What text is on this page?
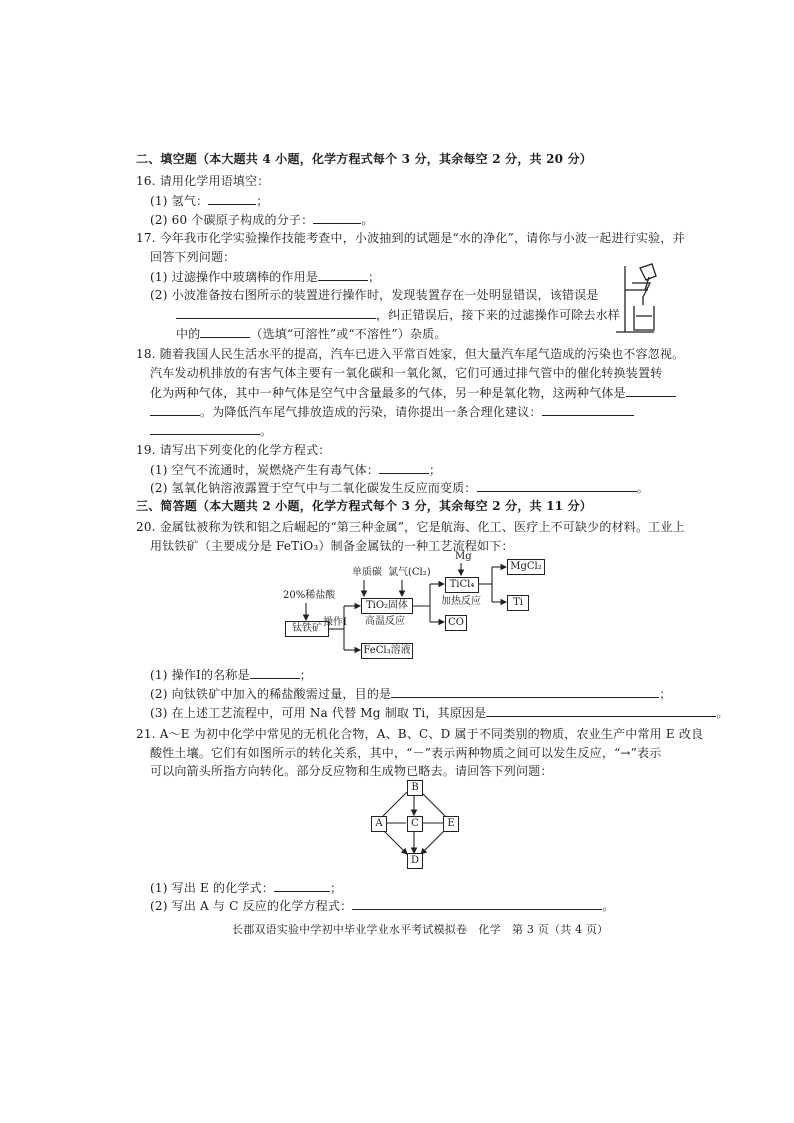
二、填空题（本大题共 4 小题，化学方程式每个 3 分，其余每空 2 分，共 20 分）
16. 请用化学用语填空：
(1) 氢气：	；
(2) 60 个碳原子构成的分子：	。
17. 今年我市化学实验操作技能考查中，小波抽到的试题是“水的净化”，请你与小波一起进行实验，并
回答下列问题：
(1) 过滤操作中玻璃棒的作用是	；
(2) 小波准备按右图所示的装置进行操作时，发现装置存在一处明显错误，该错误是
，纠正错误后，接下来的过滤操作可除去水样
中的	（选填“可溶性”或“不溶性”）杂质。
18. 随着我国人民生活水平的提高，汽车已进入平常百姓家，但大量汽车尾气造成的污染也不容忽视。
汽车发动机排放的有害气体主要有一氧化碳和一氧化氮，它们可通过排气管中的催化转换装置转
化为两种气体，其中一种气体是空气中含量最多的气体，另一种是氧化物，这两种气体是
。为降低汽车尾气排放造成的污染，请你提出一条合理化建议：
。
19. 请写出下列变化的化学方程式：
(1) 空气不流通时，炭燃烧产生有毒气体：	；
(2) 氢氧化钠溶液露置于空气中与二氧化碳发生反应而变质：	。
三、简答题（本大题共 2 小题，化学方程式每个 3 分，其余每空 2 分，共 11 分）
20. 金属钛被称为铁和铝之后崛起的“第三种金属”，它是航海、化工、医疗上不可缺少的材料。工业上
用钛铁矿（主要成分是 FeTiO₃）制备金属钛的一种工艺流程如下：
20%稀盐酸
钛铁矿
操作Ⅰ
单质碳 氯气(Cl₂)
TiO₂固体
高温反应
FeCl₃溶液
Mg
TiCl₄
加热反应
CO
MgCl₂
Ti
(1) 操作Ⅰ的名称是	；
(2) 向钛铁矿中加入的稀盐酸需过量，目的是	；
(3) 在上述工艺流程中，可用 Na 代替 Mg 制取 Ti，其原因是	。
21. A～E 为初中化学中常见的无机化合物，A、B、C、D 属于不同类别的物质，农业生产中常用 E 改良
酸性土壤。它们有如图所示的转化关系，其中，“－”表示两种物质之间可以发生反应，“→”表示
可以向箭头所指方向转化。部分反应物和生成物已略去。请回答下列问题：
B
A	C	E
D
(1) 写出 E 的化学式：	；
(2) 写出 A 与 C 反应的化学方程式：	。
长郡双语实验中学初中毕业学业水平考试模拟卷　化学　第 3 页（共 4 页）
